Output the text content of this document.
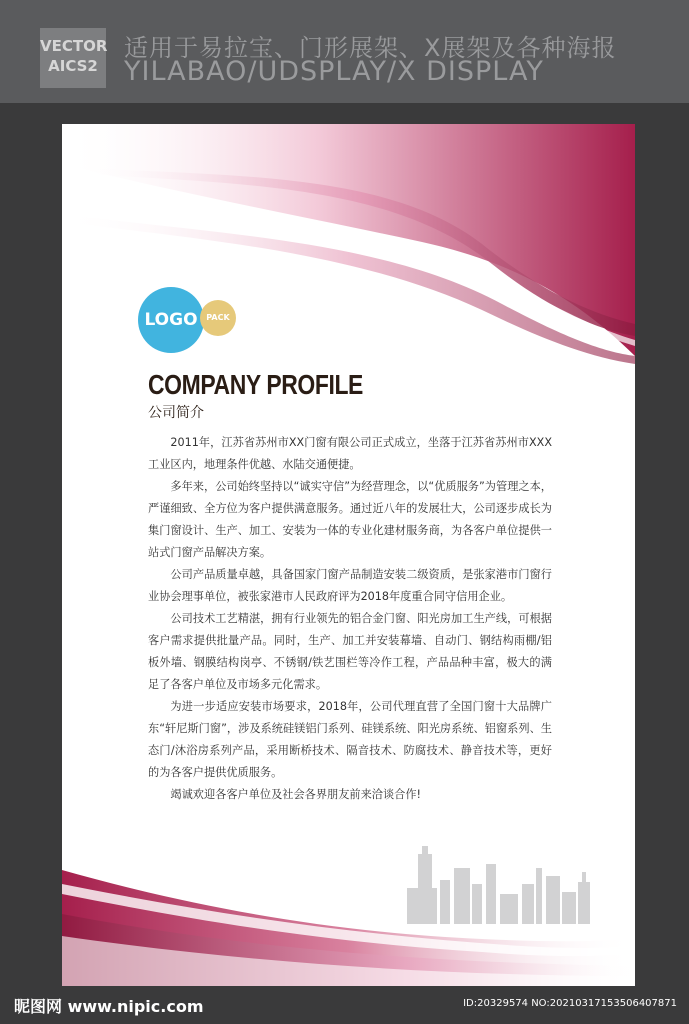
VECTOR
AICS2
适用于易拉宝、门形展架、X展架及各种海报
YILABAO/UDSPLAY/X DISPLAY
LOGO	PACK
COMPANY PROFILE
公司简介

2011年，江苏省苏州市XX门窗有限公司正式成立，坐落于江苏省苏州市XXX工业区内，地理条件优越、水陆交通便捷。

多年来，公司始终坚持以“诚实守信”为经营理念，以“优质服务”为管理之本，严谨细致、全方位为客户提供满意服务。通过近八年的发展壮大，公司逐步成长为集门窗设计、生产、加工、安装为一体的专业化建材服务商，为各客户单位提供一站式门窗产品解决方案。

公司产品质量卓越，具备国家门窗产品制造安装二级资质，是张家港市门窗行业协会理事单位，被张家港市人民政府评为2018年度重合同守信用企业。

公司技术工艺精湛，拥有行业领先的铝合金门窗、阳光房加工生产线，可根据客户需求提供批量产品。同时，生产、加工并安装幕墙、自动门、钢结构雨棚/铝板外墙、钢膜结构岗亭、不锈钢/铁艺围栏等冷作工程，产品品种丰富，极大的满足了各客户单位及市场多元化需求。

为进一步适应安装市场要求，2018年，公司代理直营了全国门窗十大品牌广东“轩尼斯门窗”，涉及系统硅镁铝门系列、硅镁系统、阳光房系统、铝窗系列、生态门/沐浴房系列产品，采用断桥技术、隔音技术、防腐技术、静音技术等，更好的为各客户提供优质服务。

竭诚欢迎各客户单位及社会各界朋友前来洽谈合作!

昵图网 www.nipic.com	ID:20329574 NO:20210317153506407871
